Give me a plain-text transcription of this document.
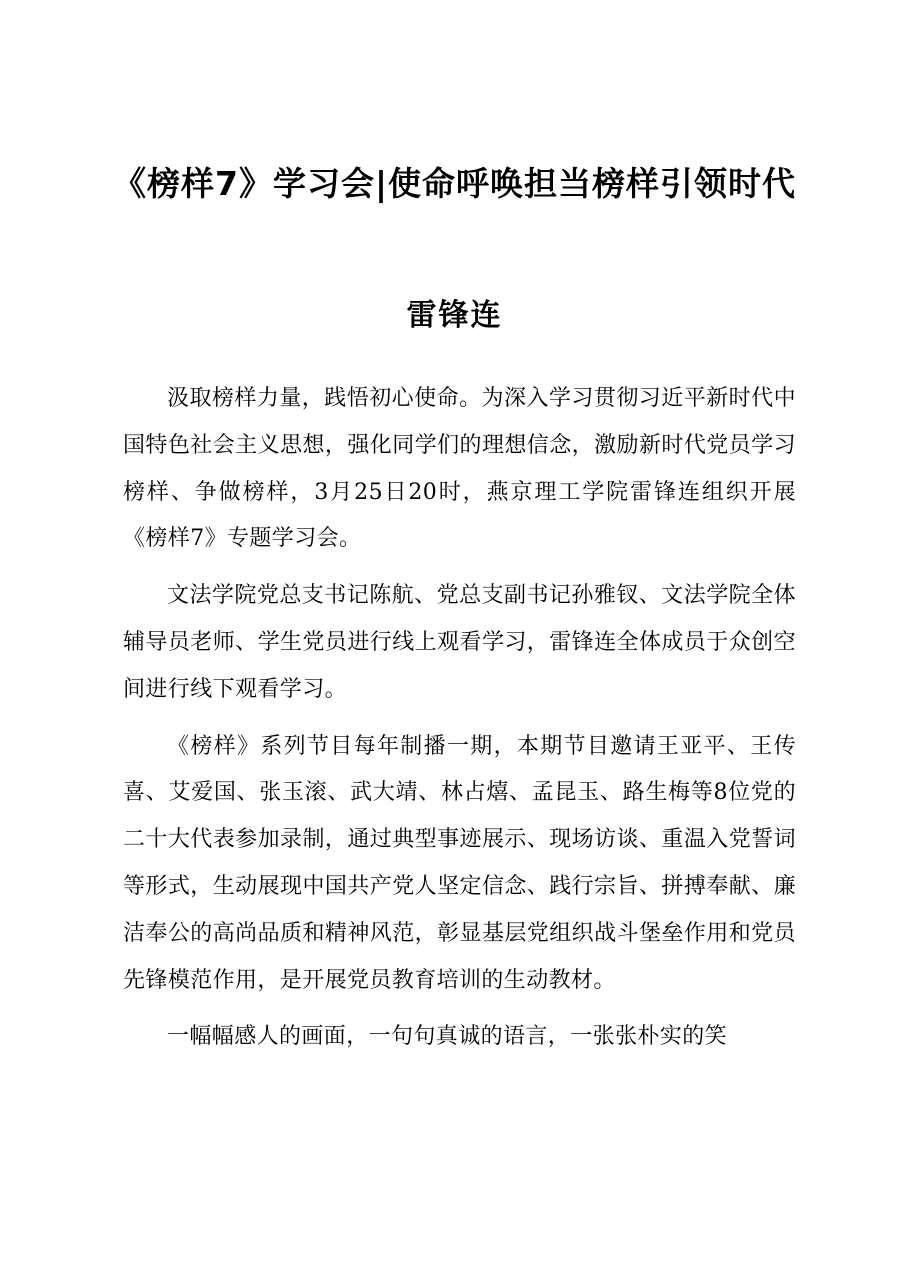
《榜样7》学习会|使命呼唤担当榜样引领时代
雷锋连

汲取榜样力量，践悟初心使命。为深入学习贯彻习近平新时代中国特色社会主义思想，强化同学们的理想信念，激励新时代党员学习榜样、争做榜样，3月25日20时，燕京理工学院雷锋连组织开展《榜样7》专题学习会。

文法学院党总支书记陈航、党总支副书记孙雅钗、文法学院全体辅导员老师、学生党员进行线上观看学习，雷锋连全体成员于众创空间进行线下观看学习。

《榜样》系列节目每年制播一期，本期节目邀请王亚平、王传喜、艾爱国、张玉滚、武大靖、林占熺、孟昆玉、路生梅等8位党的二十大代表参加录制，通过典型事迹展示、现场访谈、重温入党誓词等形式，生动展现中国共产党人坚定信念、践行宗旨、拼搏奉献、廉洁奉公的高尚品质和精神风范，彰显基层党组织战斗堡垒作用和党员先锋模范作用，是开展党员教育培训的生动教材。

一幅幅感人的画面，一句句真诚的语言，一张张朴实的笑
